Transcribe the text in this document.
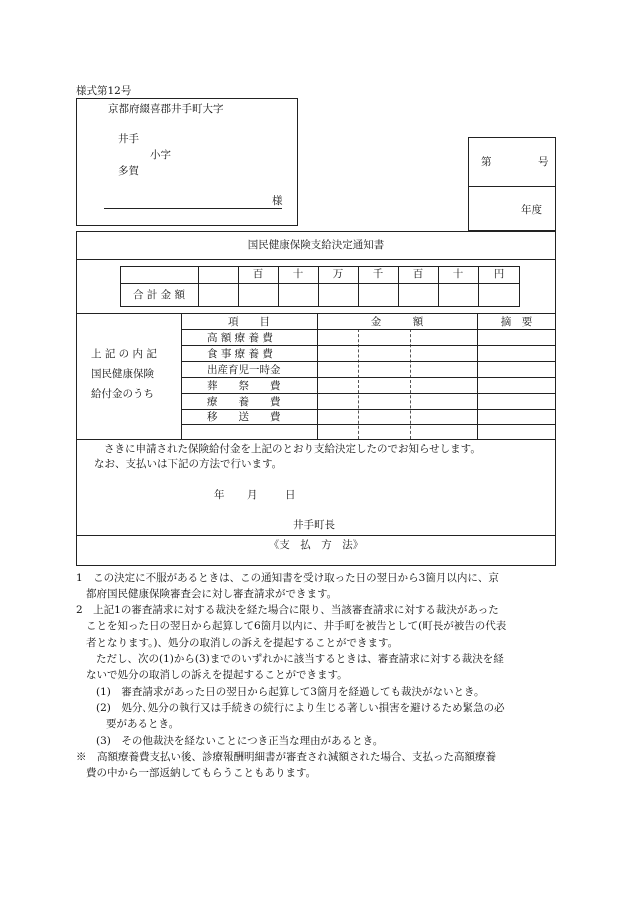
様式第12号
京都府綴喜郡井手町大字
井手
小字
多賀
様
第	号
年度
国民健康保険支給決定通知書
百	十	万	千	百	十	円
合 計 金 額
項　　目	金　　　額	摘　要
高 額 療 養 費
食 事 療 養 費
出産育児一時金
葬　　祭　　費
療　　養　　費
移　　送　　費
上 記 の 内 記
国民健康保険
給付金のうち
さきに申請された保険給付金を上記のとおり支給決定したのでお知らせします。
なお、支払いは下記の方法で行います。
年 月	日
井手町長
《支　払　方　法》
1　この決定に不服があるときは、この通知書を受け取った日の翌日から3箇月以内に、京
都府国民健康保険審査会に対し審査請求ができます。
2　上記1の審査請求に対する裁決を経た場合に限り、当該審査請求に対する裁決があった
ことを知った日の翌日から起算して6箇月以内に、井手町を被告として(町長が被告の代表
者となります。)、処分の取消しの訴えを提起することができます。
ただし、次の(1)から(3)までのいずれかに該当するときは、審査請求に対する裁決を経
ないで処分の取消しの訴えを提起することができます。
(1)　審査請求があった日の翌日から起算して3箇月を経過しても裁決がないとき。
(2)　処分､処分の執行又は手続きの続行により生じる著しい損害を避けるため緊急の必
要があるとき。
(3)　その他裁決を経ないことにつき正当な理由があるとき。
※　高額療養費支払い後、診療報酬明細書が審査され減額された場合、支払った高額療養
費の中から一部返納してもらうこともあります。
